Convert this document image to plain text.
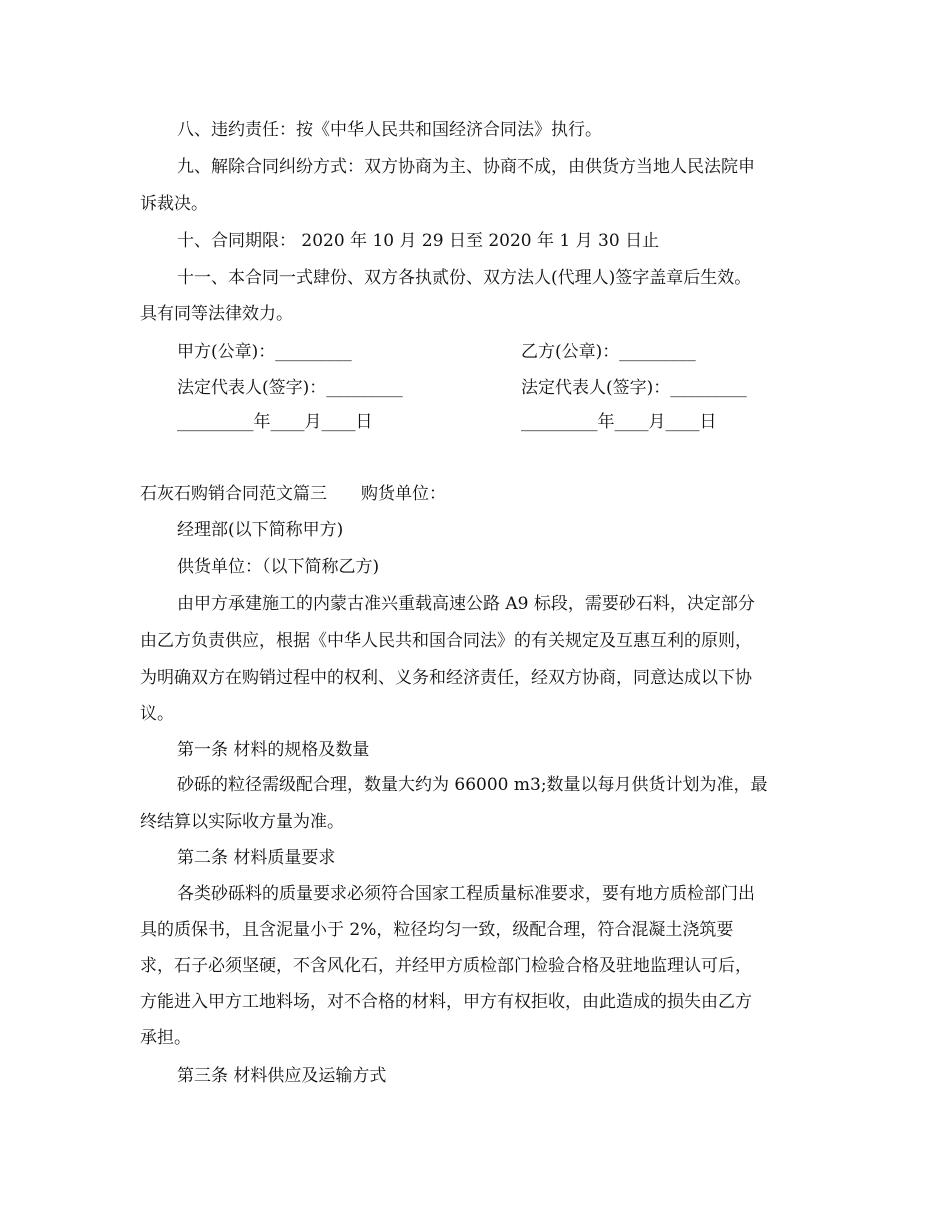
八、违约责任：按《中华人民共和国经济合同法》执行。
九、解除合同纠纷方式：双方协商为主、协商不成，由供货方当地人民法院申
诉裁决。
十、合同期限： 2020 年 10 月 29 日至 2020 年 1 月 30 日止
十一、本合同一式肆份、双方各执贰份、双方法人(代理人)签字盖章后生效。
具有同等法律效力。
甲方(公章)：_________	乙方(公章)：_________
法定代表人(签字)：_________	法定代表人(签字)：_________
_________年____月____日	_________年____月____日
石灰石购销合同范文篇三　　购货单位：
经理部(以下简称甲方)
供货单位：（以下简称乙方)
由甲方承建施工的内蒙古准兴重载高速公路 A9 标段，需要砂石料，决定部分
由乙方负责供应，根据《中华人民共和国合同法》的有关规定及互惠互利的原则，
为明确双方在购销过程中的权利、义务和经济责任，经双方协商，同意达成以下协
议。
第一条 材料的规格及数量
砂砾的粒径需级配合理，数量大约为 66000 m3;数量以每月供货计划为准，最
终结算以实际收方量为准。
第二条 材料质量要求
各类砂砾料的质量要求必须符合国家工程质量标准要求，要有地方质检部门出
具的质保书，且含泥量小于 2%，粒径均匀一致，级配合理，符合混凝土浇筑要
求，石子必须坚硬，不含风化石，并经甲方质检部门检验合格及驻地监理认可后，
方能进入甲方工地料场，对不合格的材料，甲方有权拒收，由此造成的损失由乙方
承担。
第三条 材料供应及运输方式
